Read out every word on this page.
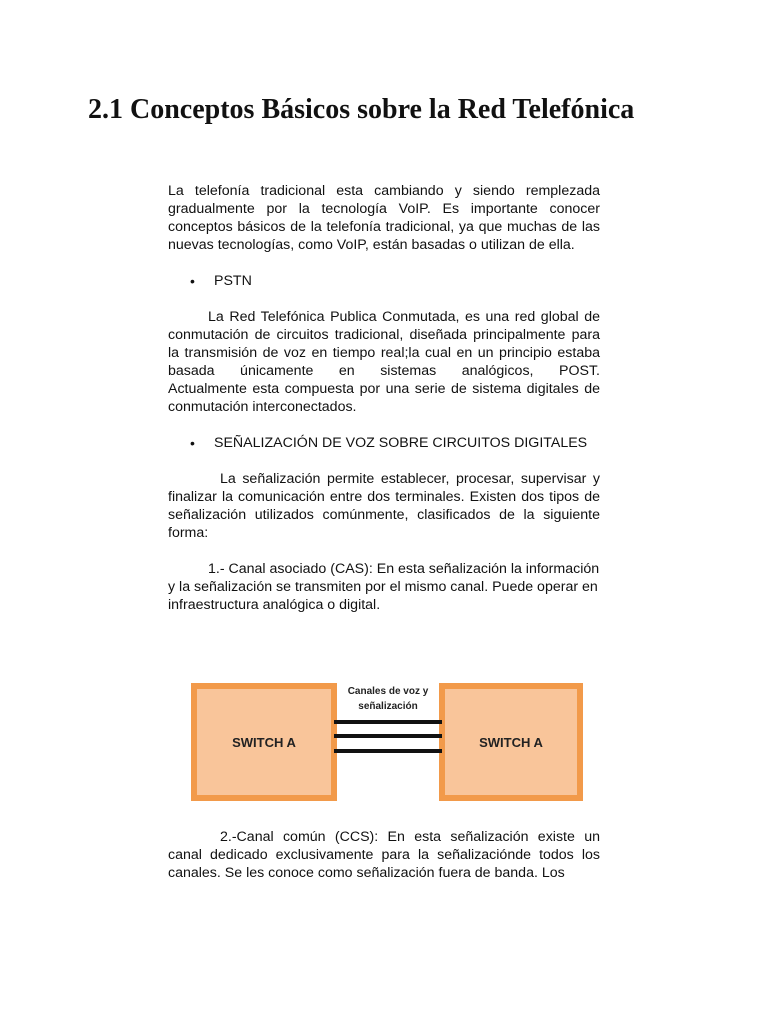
2.1 Conceptos Básicos sobre la Red Telefónica

La telefonía tradicional esta cambiando y siendo remplezada gradualmente por la tecnología VoIP. Es importante conocer conceptos básicos de la telefonía tradicional, ya que muchas de las nuevas tecnologías, como VoIP, están basadas o utilizan de ella.

• PSTN

La Red Telefónica Publica Conmutada, es una red global de conmutación de circuitos tradicional, diseñada principalmente para la transmisión de voz en tiempo real;la cual en un principio estaba basada únicamente en sistemas analógicos, POST.            Actualmente esta compuesta por una serie de sistema digitales de conmutación interconectados.

• SEÑALIZACIÓN DE VOZ SOBRE CIRCUITOS DIGITALES

La señalización permite establecer, procesar, supervisar y finalizar la comunicación entre dos terminales. Existen dos tipos de señalización utilizados comúnmente, clasificados de la siguiente forma:

1.- Canal asociado (CAS): En esta señalización la información y la señalización se transmiten por el mismo canal. Puede operar en infraestructura analógica o digital.

SWITCH A	SWITCH A
Canales de voz y
señalización

2.-Canal común (CCS): En esta señalización existe un canal dedicado exclusivamente para la señalizaciónde todos los canales. Se les conoce como señalización fuera de banda. Los
